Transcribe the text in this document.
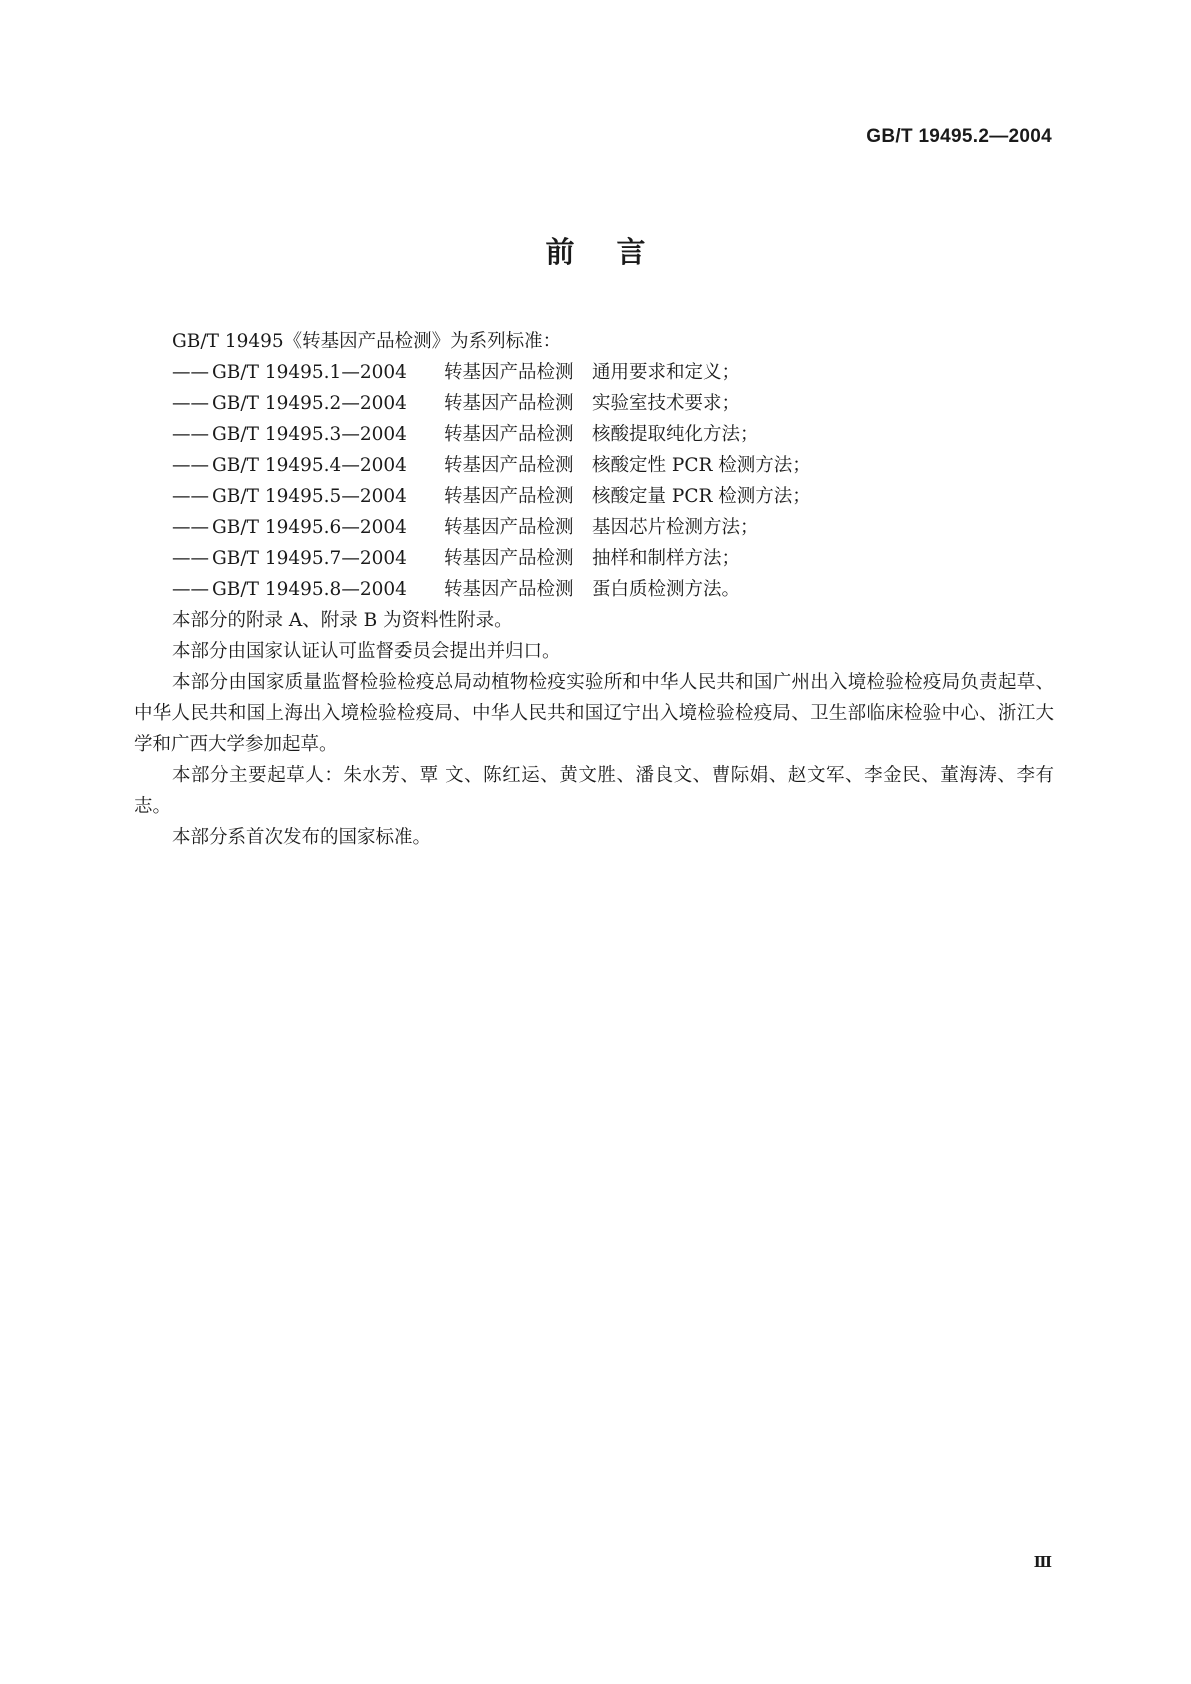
GB/T 19495.2—2004
前言

GB/T 19495《转基因产品检测》为系列标准：

—— GB/T 19495.1—2004 转基因产品检测 通用要求和定义；
—— GB/T 19495.2—2004 转基因产品检测 实验室技术要求；
—— GB/T 19495.3—2004 转基因产品检测 核酸提取纯化方法；
—— GB/T 19495.4—2004 转基因产品检测 核酸定性 PCR 检测方法；
—— GB/T 19495.5—2004 转基因产品检测 核酸定量 PCR 检测方法；
—— GB/T 19495.6—2004 转基因产品检测 基因芯片检测方法；
—— GB/T 19495.7—2004 转基因产品检测 抽样和制样方法；
—— GB/T 19495.8—2004 转基因产品检测 蛋白质检测方法。

本部分的附录 A、附录 B 为资料性附录。

本部分由国家认证认可监督委员会提出并归口。

本部分由国家质量监督检验检疫总局动植物检疫实验所和中华人民共和国广州出入境检验检疫局负责起草、中华人民共和国上海出入境检验检疫局、中华人民共和国辽宁出入境检验检疫局、卫生部临床检验中心、浙江大学和广西大学参加起草。

本部分主要起草人：朱水芳、覃 文、陈红运、黄文胜、潘良文、曹际娟、赵文军、李金民、董海涛、李有志。

本部分系首次发布的国家标准。

Ⅲ
